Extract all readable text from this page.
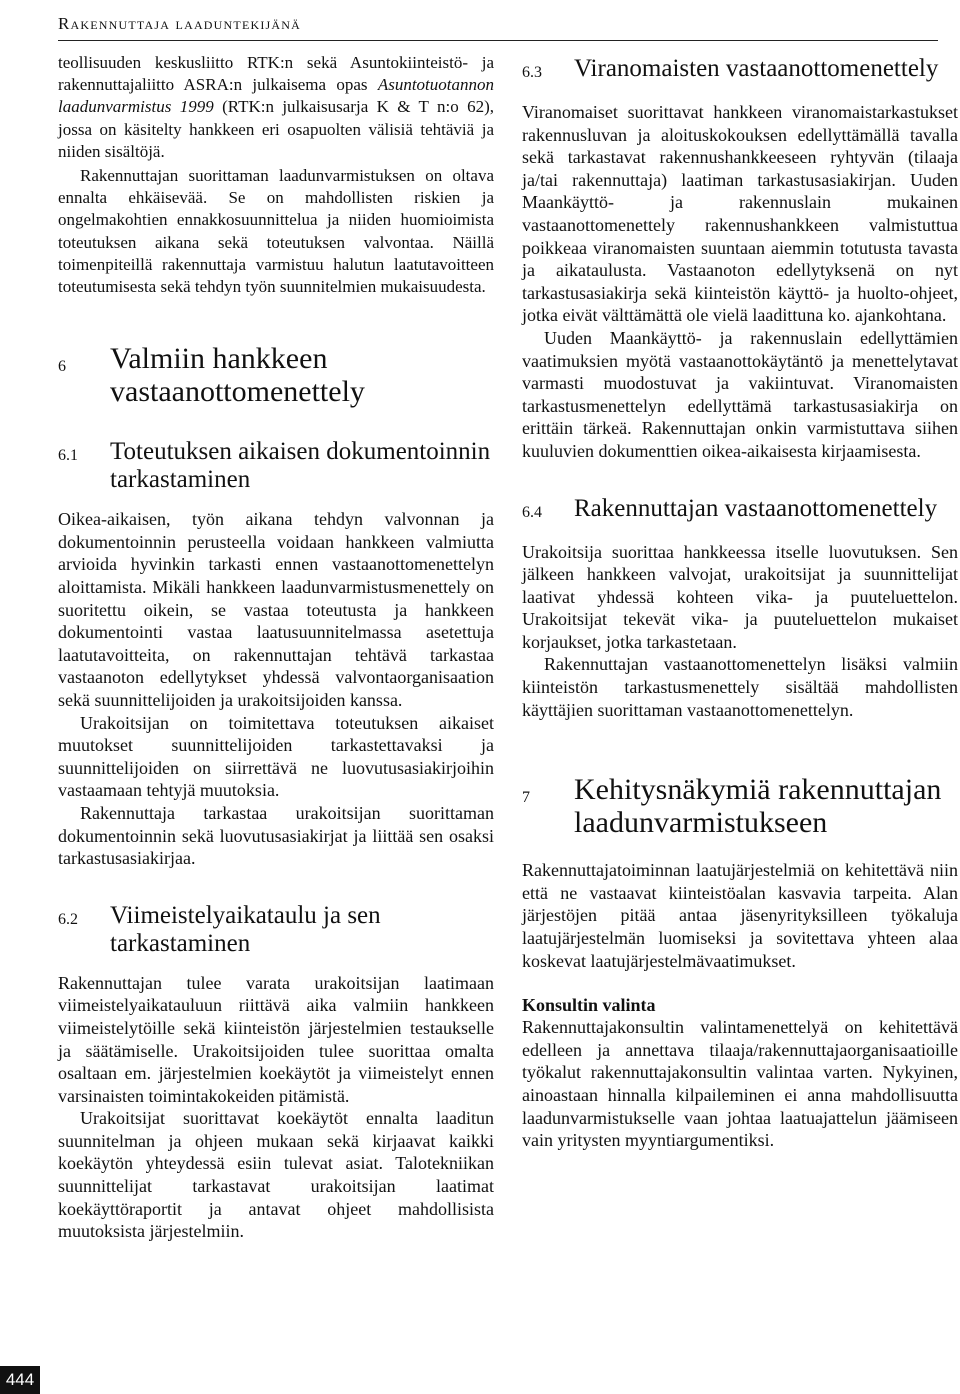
Rakennuttaja laaduntekijänä

teollisuuden keskusliitto RTK:n sekä Asuntokiinteistö- ja rakennuttajaliitto ASRA:n julkaisema opas Asuntotuotannon laadunvarmistus 1999 (RTK:n julkaisusarja K & T n:o 62), jossa on käsitelty hankkeen eri osapuolten välisiä tehtäviä ja niiden sisältöjä.

Rakennuttajan suorittaman laadunvarmistuksen on oltava ennalta ehkäisevää. Se on mahdollisten riskien ja ongelmakohtien ennakkosuunnittelua ja niiden huomioimista toteutuksen aikana sekä toteutuksen valvontaa. Näillä toimenpiteillä rakennuttaja varmistuu halutun laatutavoitteen toteutumisesta sekä tehdyn työn suunnitelmien mukaisuudesta.

6	Valmiin hankkeen vastaanottomenettely
6.1	Toteutuksen aikaisen dokumentoinnin tarkastaminen

Oikea-aikaisen, työn aikana tehdyn valvonnan ja dokumentoinnin perusteella voidaan hankkeen valmiutta arvioida hyvinkin tarkasti ennen vastaanottomenettelyn aloittamista. Mikäli hankkeen laadunvarmistusmenettely on suoritettu oikein, se vastaa toteutusta ja hankkeen dokumentointi vastaa laatusuunnitelmassa asetettuja laatutavoitteita, on rakennuttajan tehtävä tarkastaa vastaanoton edellytykset yhdessä valvontaorganisaation sekä suunnittelijoiden ja urakoitsijoiden kanssa.

Urakoitsijan on toimitettava toteutuksen aikaiset muutokset suunnittelijoiden tarkastettavaksi ja suunnittelijoiden on siirrettävä ne luovutusasiakirjoihin vastaamaan tehtyjä muutoksia.

Rakennuttaja tarkastaa urakoitsijan suorittaman dokumentoinnin sekä luovutusasiakirjat ja liittää sen osaksi tarkastusasiakirjaa.

6.2	Viimeistelyaikataulu ja sen tarkastaminen

Rakennuttajan tulee varata urakoitsijan laatimaan viimeistelyaikatauluun riittävä aika valmiin hankkeen viimeistelytöille sekä kiinteistön järjestelmien testaukselle ja säätämiselle. Urakoitsijoiden tulee suorittaa omalta osaltaan em. järjestelmien koekäytöt ja viimeistelyt ennen varsinaisten toimintakokeiden pitämistä.

Urakoitsijat suorittavat koekäytöt ennalta laaditun suunnitelman ja ohjeen mukaan sekä kirjaavat kaikki koekäytön yhteydessä esiin tulevat asiat. Talotekniikan suunnittelijat tarkastavat urakoitsijan laatimat koekäyttöraportit ja antavat ohjeet mahdollisista muutoksista järjestelmiin.

6.3	Viranomaisten vastaanottomenettely

Viranomaiset suorittavat hankkeen viranomaistarkastukset rakennusluvan ja aloituskokouksen edellyttämällä tavalla sekä tarkastavat rakennushankkeeseen ryhtyvän (tilaaja ja/tai rakennuttaja) laatiman tarkastusasiakirjan. Uuden Maankäyttö- ja rakennuslain mukainen vastaanottomenettely rakennushankkeen valmistuttua poikkeaa viranomaisten suuntaan aiemmin totutusta tavasta ja aikataulusta. Vastaanoton edellytyksenä on nyt tarkastusasiakirja sekä kiinteistön käyttö- ja huolto-ohjeet, jotka eivät välttämättä ole vielä laadittuna ko. ajankohtana.

Uuden Maankäyttö- ja rakennuslain edellyttämien vaatimuksien myötä vastaanottokäytäntö ja menettelytavat varmasti muodostuvat ja vakiintuvat. Viranomaisten tarkastusmenettelyn edellyttämä tarkastusasiakirja on erittäin tärkeä. Rakennuttajan onkin varmistuttava siihen kuuluvien dokumenttien oikea-aikaisesta kirjaamisesta.

6.4	Rakennuttajan vastaanottomenettely

Urakoitsija suorittaa hankkeessa itselle luovutuksen. Sen jälkeen hankkeen valvojat, urakoitsijat ja suunnittelijat laativat yhdessä kohteen vika- ja puuteluettelon. Urakoitsijat tekevät vika- ja puuteluettelon mukaiset korjaukset, jotka tarkastetaan.

Rakennuttajan vastaanottomenettelyn lisäksi valmiin kiinteistön tarkastusmenettely sisältää mahdollisten käyttäjien suorittaman vastaanottomenettelyn.

7	Kehitysnäkymiä rakennuttajan laadunvarmistukseen

Rakennuttajatoiminnan laatujärjestelmiä on kehitettävä niin että ne vastaavat kiinteistöalan kasvavia tarpeita. Alan järjestöjen pitää antaa jäsenyrityksilleen työkaluja laatujärjestelmän luomiseksi ja sovitettava yhteen alaa koskevat laatujärjestelmävaatimukset.

Konsultin valinta

Rakennuttajakonsultin valintamenettelyä on kehitettävä edelleen ja annettava tilaaja/rakennuttajaorganisaatioille työkalut rakennuttajakonsultin valintaa varten. Nykyinen, ainoastaan hinnalla kilpaileminen ei anna mahdollisuutta laadunvarmistukselle vaan johtaa laatuajattelun jäämiseen vain yritysten myyntiargumentiksi.

444
